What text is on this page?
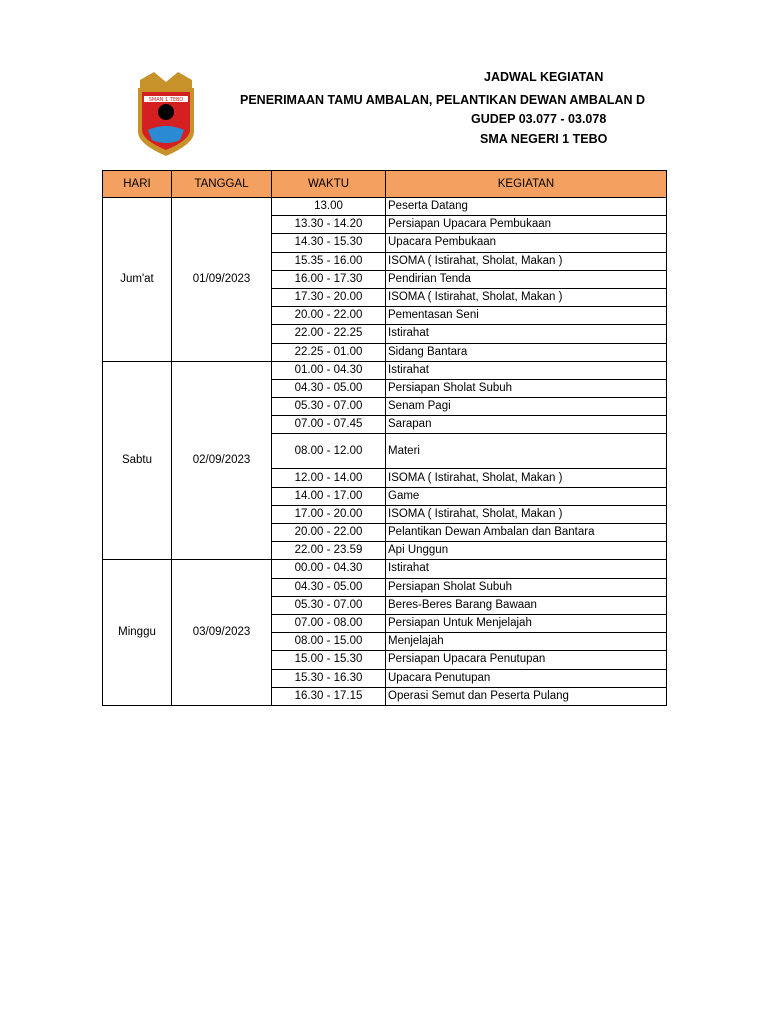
SMAN 1 TEBO
JADWAL KEGIATAN
PENERIMAAN TAMU AMBALAN, PELANTIKAN DEWAN AMBALAN D
GUDEP 03.077 - 03.078
SMA NEGERI 1 TEBO
HARI	TANGGAL	WAKTU	KEGIATAN
Jum'at	01/09/2023	13.00	Peserta Datang
		13.30 - 14.20	Persiapan Upacara Pembukaan
		14.30 - 15.30	Upacara Pembukaan
		15.35 - 16.00	ISOMA ( Istirahat, Sholat, Makan )
		16.00 - 17.30	Pendirian Tenda
		17.30 - 20.00	ISOMA ( Istirahat, Sholat, Makan )
		20.00 - 22.00	Pementasan Seni
		22.00 - 22.25	Istirahat
		22.25 - 01.00	Sidang Bantara
Sabtu	02/09/2023	01.00 - 04.30	Istirahat
		04.30 - 05.00	Persiapan Sholat Subuh
		05.30 - 07.00	Senam Pagi
		07.00 - 07.45	Sarapan
		08.00 - 12.00	Materi
		12.00 - 14.00	ISOMA ( Istirahat, Sholat, Makan )
		14.00 - 17.00	Game
		17.00 - 20.00	ISOMA ( Istirahat, Sholat, Makan )
		20.00 - 22.00	Pelantikan Dewan Ambalan dan Bantara
		22.00 - 23.59	Api Unggun
Minggu	03/09/2023	00.00 - 04.30	Istirahat
		04.30 - 05.00	Persiapan Sholat Subuh
		05.30 - 07.00	Beres-Beres Barang Bawaan
		07.00 - 08.00	Persiapan Untuk Menjelajah
		08.00 - 15.00	Menjelajah
		15.00 - 15.30	Persiapan Upacara Penutupan
		15.30 - 16.30	Upacara Penutupan
		16.30 - 17.15	Operasi Semut dan Peserta Pulang
